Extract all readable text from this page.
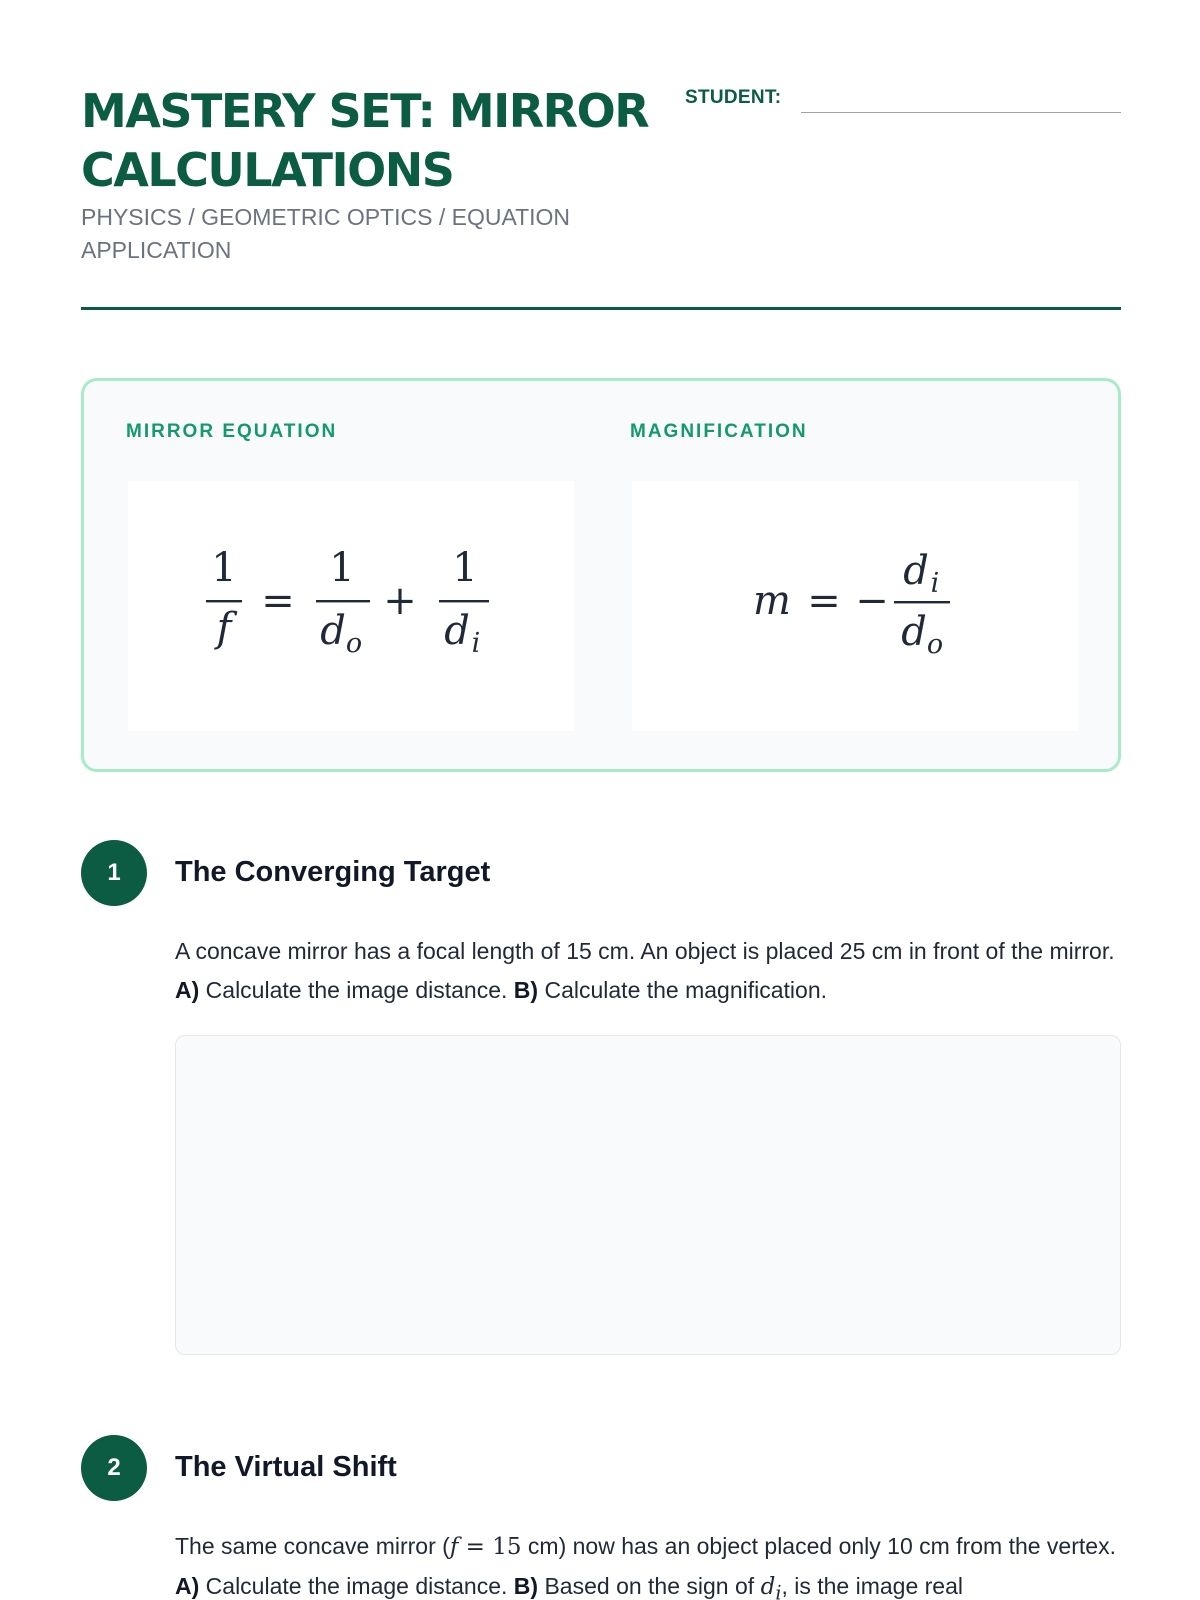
MASTERY SET: MIRROR CALCULATIONS

PHYSICS / GEOMETRIC OPTICS / EQUATION APPLICATION

STUDENT:
MIRROR EQUATION
1
f
=
1
d o
+
1
d i
MAGNIFICATION
m = −
d i
d o
1	The Converging Target

A concave mirror has a focal length of 15 cm. An object is placed 25 cm in front of the mirror. A) Calculate the image distance. B) Calculate the magnification.

2	The Virtual Shift

The same concave mirror (f = 15 cm) now has an object placed only 10 cm from the vertex. A) Calculate the image distance. B) Based on the sign of $d_i$, is the image real
